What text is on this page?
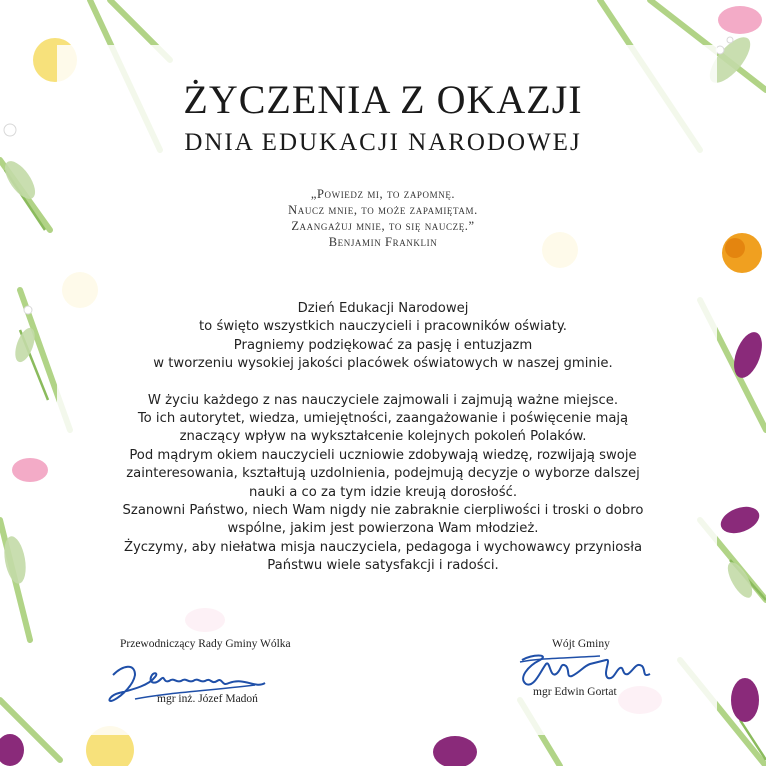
ŻYCZENIA Z OKAZJI
DNIA EDUKACJI NARODOWEJ
„Powiedz mi, to zapomnę.
Naucz mnie, to może zapamiętam.
Zaangażuj mnie, to się nauczę.”
Benjamin Franklin
Dzień Edukacji Narodowej
to święto wszystkich nauczycieli i pracowników oświaty.
Pragniemy podziękować za pasję i entuzjazm
w tworzeniu wysokiej jakości placówek oświatowych w naszej gminie.
W życiu każdego z nas nauczyciele zajmowali i zajmują ważne miejsce.
To ich autorytet, wiedza, umiejętności, zaangażowanie i poświęcenie mają
znaczący wpływ na wykształcenie kolejnych pokoleń Polaków.
Pod mądrym okiem nauczycieli uczniowie zdobywają wiedzę, rozwijają swoje
zainteresowania, kształtują uzdolnienia, podejmują decyzje o wyborze dalszej
nauki a co za tym idzie kreują dorosłość.
Szanowni Państwo, niech Wam nigdy nie zabraknie cierpliwości i troski o dobro
wspólne, jakim jest powierzona Wam młodzież.
Życzymy, aby niełatwa misja nauczyciela, pedagoga i wychowawcy przyniosła
Państwu wiele satysfakcji i radości.
Przewodniczący Rady Gminy Wólka
mgr inż. Józef Madoń
Wójt Gminy
mgr Edwin Gortat
